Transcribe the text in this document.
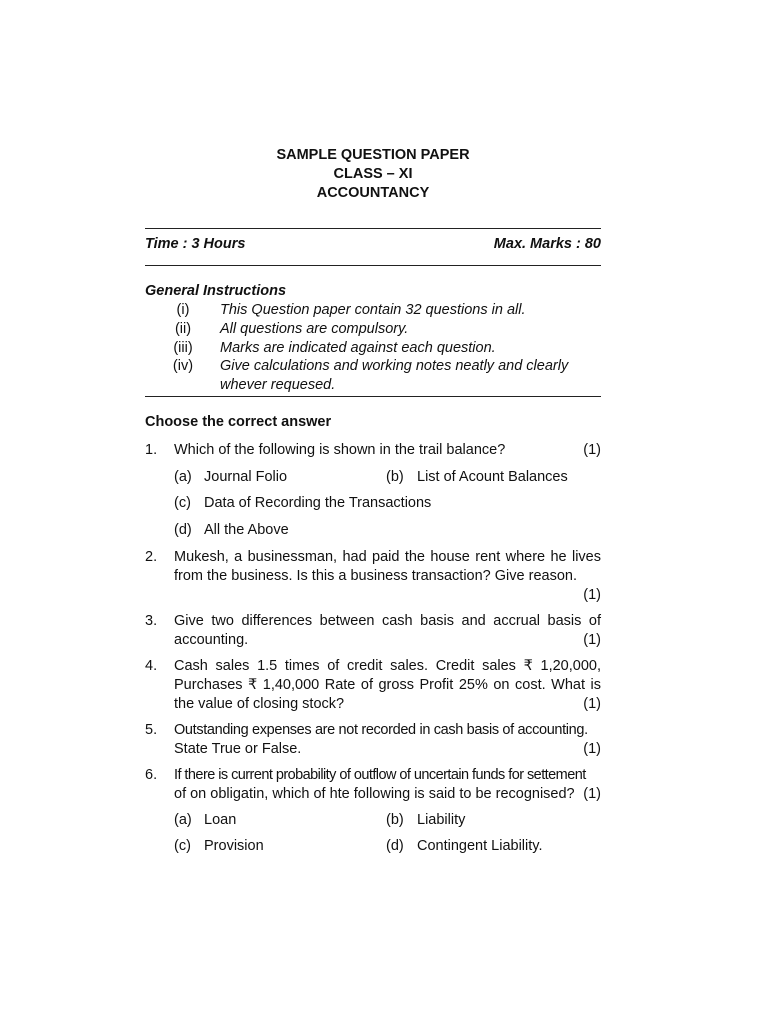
SAMPLE QUESTION PAPER
CLASS – XI
ACCOUNTANCY
Time : 3 Hours	Max. Marks : 80
General Instructions
(i)	This Question paper contain 32 questions in all.
(ii)	All questions are compulsory.
(iii)	Marks are indicated against each question.
(iv)	Give calculations and working notes neatly and clearly
whever requesed.
Choose the correct answer
1. Which of the following is shown in the trail balance?	(1)
(a) Journal Folio	(b) List of Acount Balances
(c) Data of Recording the Transactions
(d) All the Above
2. Mukesh, a businessman, had paid the house rent where he lives
from the business. Is this a business transaction? Give reason.
(1)
3. Give two differences between cash basis and accrual basis of
accounting.	(1)
4. Cash sales 1.5 times of credit sales. Credit sales ₹ 1,20,000,
Purchases ₹ 1,40,000 Rate of gross Profit 25% on cost. What is
the value of closing stock?	(1)
5. Outstanding expenses are not recorded in cash basis of accounting.
State True or False.	(1)
6. If there is current probability of outflow of uncertain funds for settement
of on obligatin, which of hte following is said to be recognised? (1)
(a) Loan	(b) Liability
(c) Provision	(d) Contingent Liability.
